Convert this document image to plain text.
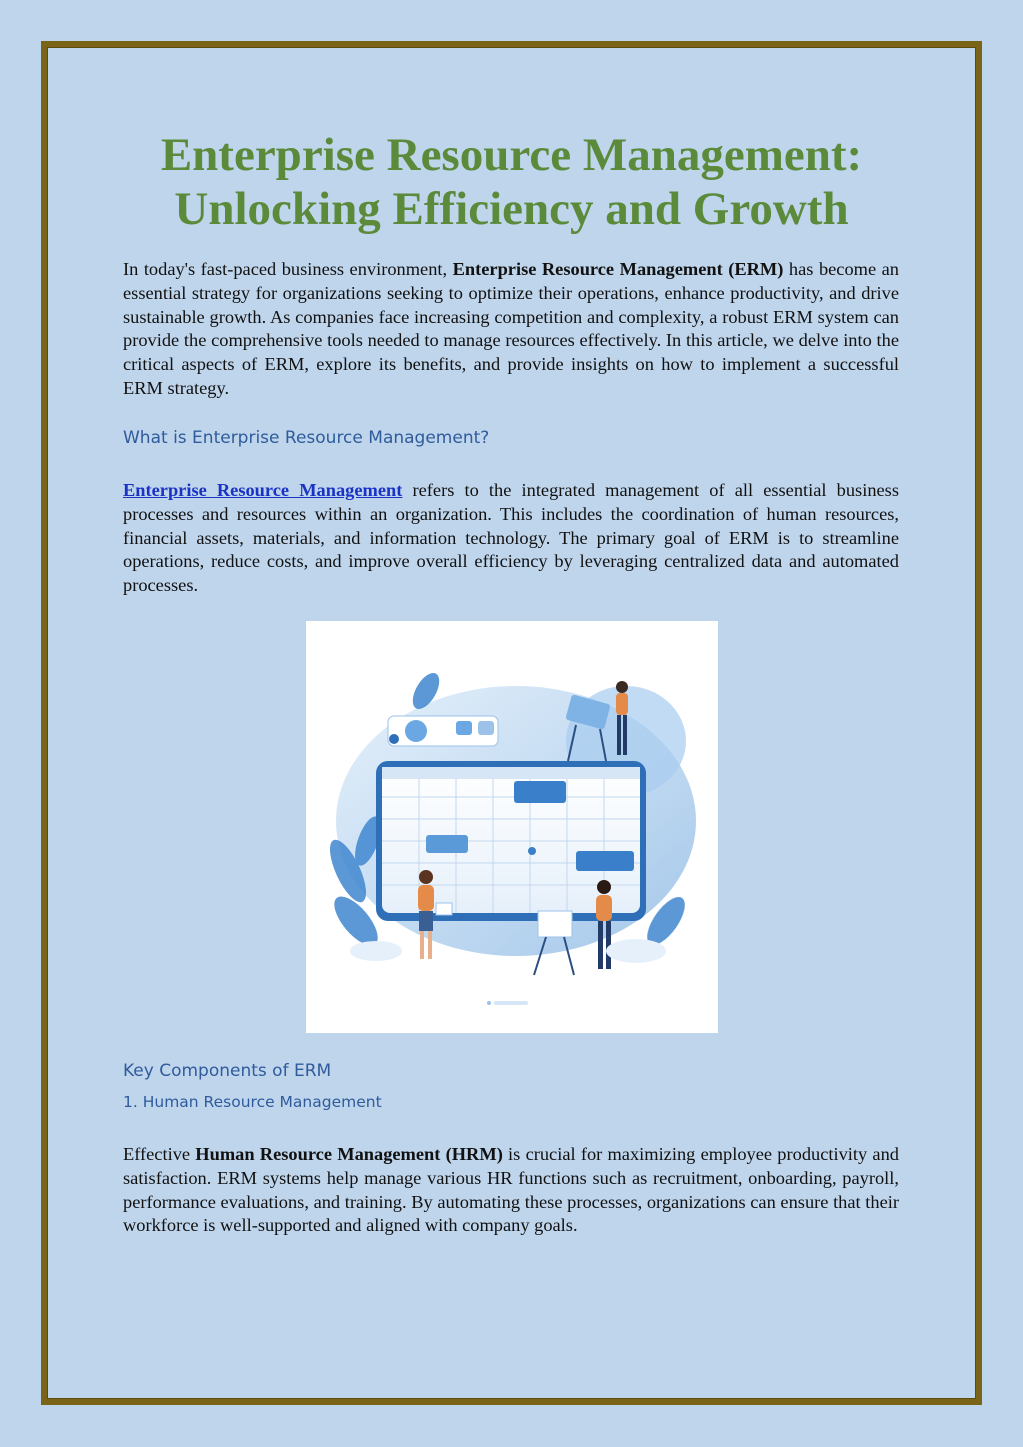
Enterprise Resource Management:
Unlocking Efficiency and Growth

In today's fast-paced business environment, Enterprise Resource Management (ERM) has become an essential strategy for organizations seeking to optimize their operations, enhance productivity, and drive sustainable growth. As companies face increasing competition and complexity, a robust ERM system can provide the comprehensive tools needed to manage resources effectively. In this article, we delve into the critical aspects of ERM, explore its benefits, and provide insights on how to implement a successful ERM strategy.

What is Enterprise Resource Management?

Enterprise Resource Management refers to the integrated management of all essential business processes and resources within an organization. This includes the coordination of human resources, financial assets, materials, and information technology. The primary goal of ERM is to streamline operations, reduce costs, and improve overall efficiency by leveraging centralized data and automated processes.

Key Components of ERM
1. Human Resource Management

Effective Human Resource Management (HRM) is crucial for maximizing employee productivity and satisfaction. ERM systems help manage various HR functions such as recruitment, onboarding, payroll, performance evaluations, and training. By automating these processes, organizations can ensure that their workforce is well-supported and aligned with company goals.
